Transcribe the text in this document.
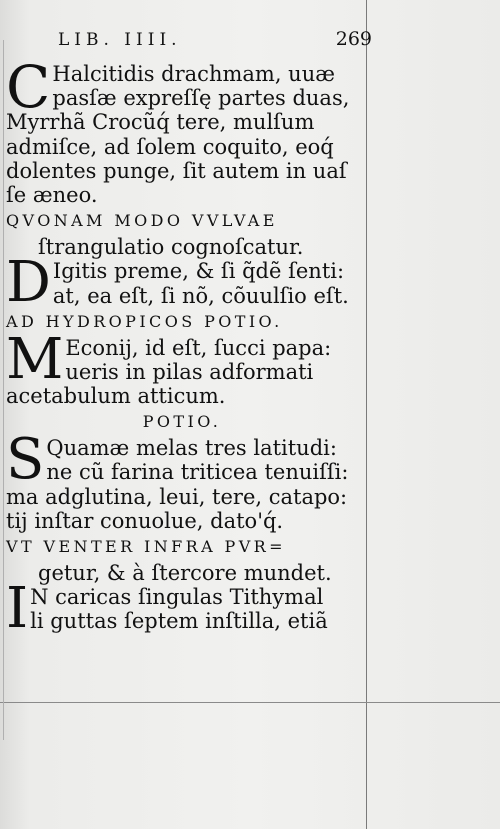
LIB. IIII.	269
C Halcitidis drachmam, uuæ
pasſæ expreſſę partes duas,
Myrrhã Crocũq́ tere, mulſum
admiſce, ad ſolem coquito, eoq́
dolentes punge, ſit autem in uaſ
ſe æneo.
QVONAM MODO VVLVAE
ſtrangulatio cognoſcatur.
D Igitis preme, & ſi q̃dẽ ſenti:
at, ea eſt, ſi nõ, cõuulſio eſt.
AD HYDROPICOS POTIO.
M Econij, id eſt, ſucci papa:
ueris in pilas adformati
acetabulum atticum.
POTIO.
S Quamæ melas tres latitudi:
ne cũ farina triticea tenuiſſi:
ma adglutina, leui, tere, catapo:
tij inſtar conuolue, dato'q́.
VT VENTER INFRA PVR=
getur, & à ſtercore mundet.
I N caricas ſingulas Tithymal
li guttas ſeptem inſtilla, etiã
